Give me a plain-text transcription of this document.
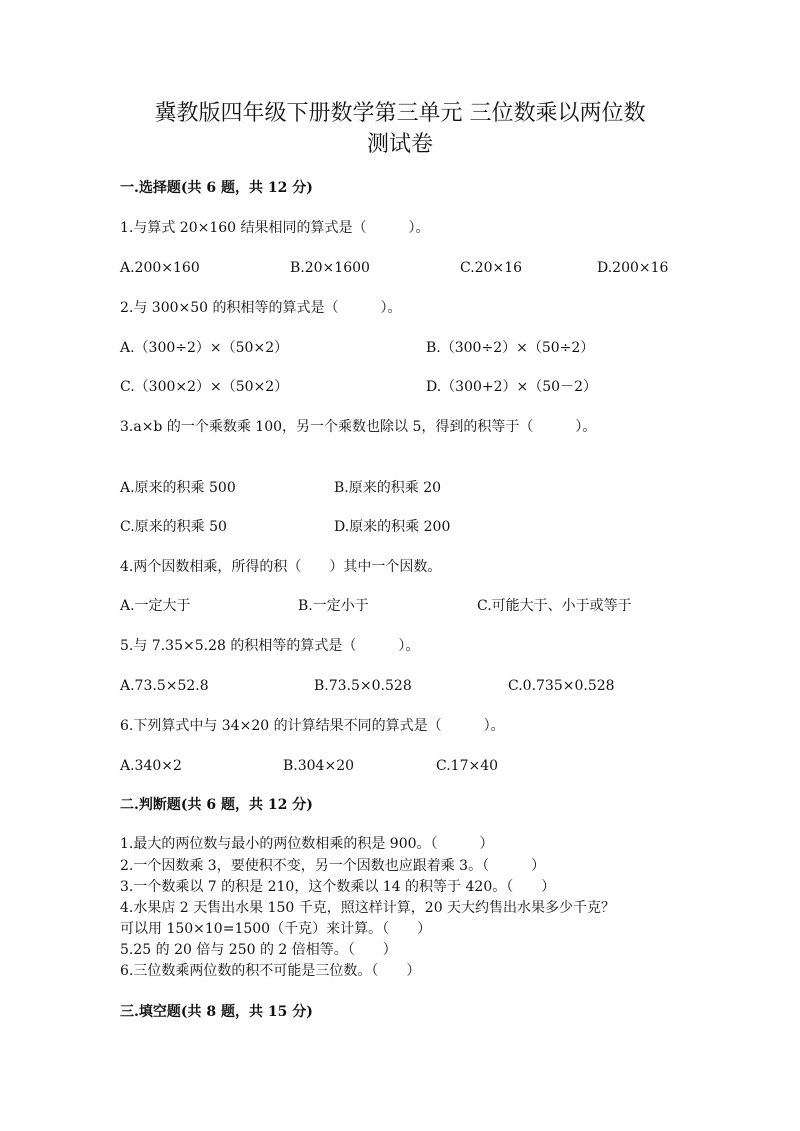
冀教版四年级下册数学第三单元 三位数乘以两位数
测试卷
一.选择题(共 6 题，共 12 分)
1.与算式 20×160 结果相同的算式是（　　　）。
A.200×160	B.20×1600	C.20×16	D.200×16
2.与 300×50 的积相等的算式是（　　　）。
A.（300÷2）×（50×2）	B.（300÷2）×（50÷2）
C.（300×2）×（50×2）	D.（300+2）×（50－2）
3.a×b 的一个乘数乘 100，另一个乘数也除以 5，得到的积等于（　　　）。
A.原来的积乘 500	B.原来的积乘 20
C.原来的积乘 50	D.原来的积乘 200
4.两个因数相乘，所得的积（　　）其中一个因数。
A.一定大于	B.一定小于	C.可能大于、小于或等于
5.与 7.35×5.28 的积相等的算式是（　　　）。
A.73.5×52.8	B.73.5×0.528	C.0.735×0.528
6.下列算式中与 34×20 的计算结果不同的算式是（　　　）。
A.340×2	B.304×20	C.17×40
二.判断题(共 6 题，共 12 分)
1.最大的两位数与最小的两位数相乘的积是 900。（　　　）
2.一个因数乘 3，要使积不变，另一个因数也应跟着乘 3。（　　　）
3.一个数乘以 7 的积是 210，这个数乘以 14 的积等于 420。（　　）
4.水果店 2 天售出水果 150 千克，照这样计算，20 天大约售出水果多少千克？
可以用 150×10=1500（千克）来计算。（　　）
5.25 的 20 倍与 250 的 2 倍相等。（　　）
6.三位数乘两位数的积不可能是三位数。（　　）
三.填空题(共 8 题，共 15 分)
